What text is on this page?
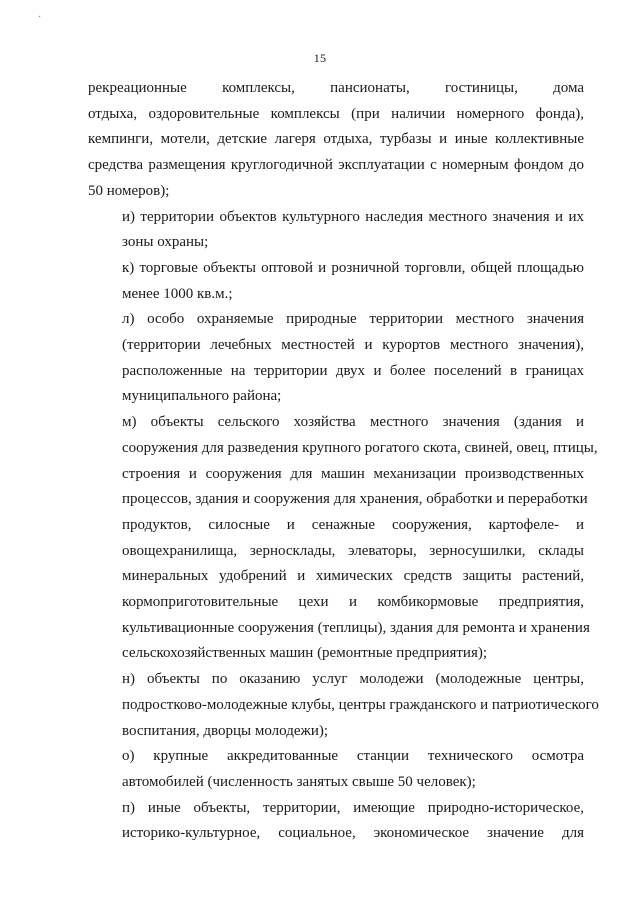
·
15

рекреационные комплексы, пансионаты, гостиницы, дома
отдыха, оздоровительные комплексы (при наличии номерного фонда),
кемпинги, мотели, детские лагеря отдыха, турбазы и иные коллективные
средства размещения круглогодичной эксплуатации с номерным фондом до
50 номеров);

и) территории объектов культурного наследия местного значения и их
зоны охраны;

к) торговые объекты оптовой и розничной торговли, общей площадью
менее 1000 кв.м.;

л) особо охраняемые природные территории местного значения
(территории лечебных местностей и курортов местного значения),
расположенные на территории двух и более поселений в границах
муниципального района;

м) объекты сельского хозяйства местного значения (здания и
сооружения для разведения крупного рогатого скота, свиней, овец, птицы,
строения и сооружения для машин механизации производственных
процессов, здания и сооружения для хранения, обработки и переработки
продуктов, силосные и сенажные сооружения, картофеле- и
овощехранилища, зерносклады, элеваторы, зерносушилки, склады
минеральных удобрений и химических средств защиты растений,
кормоприготовительные цехи и комбикормовые предприятия,
культивационные сооружения (теплицы), здания для ремонта и хранения
сельскохозяйственных машин (ремонтные предприятия);

н) объекты по оказанию услуг молодежи (молодежные центры,
подростково-молодежные клубы, центры гражданского и патриотического
воспитания, дворцы молодежи);

о) крупные аккредитованные станции технического осмотра
автомобилей (численность занятых свыше 50 человек);

п) иные объекты, территории, имеющие природно-историческое,
историко-культурное, социальное, экономическое значение для
